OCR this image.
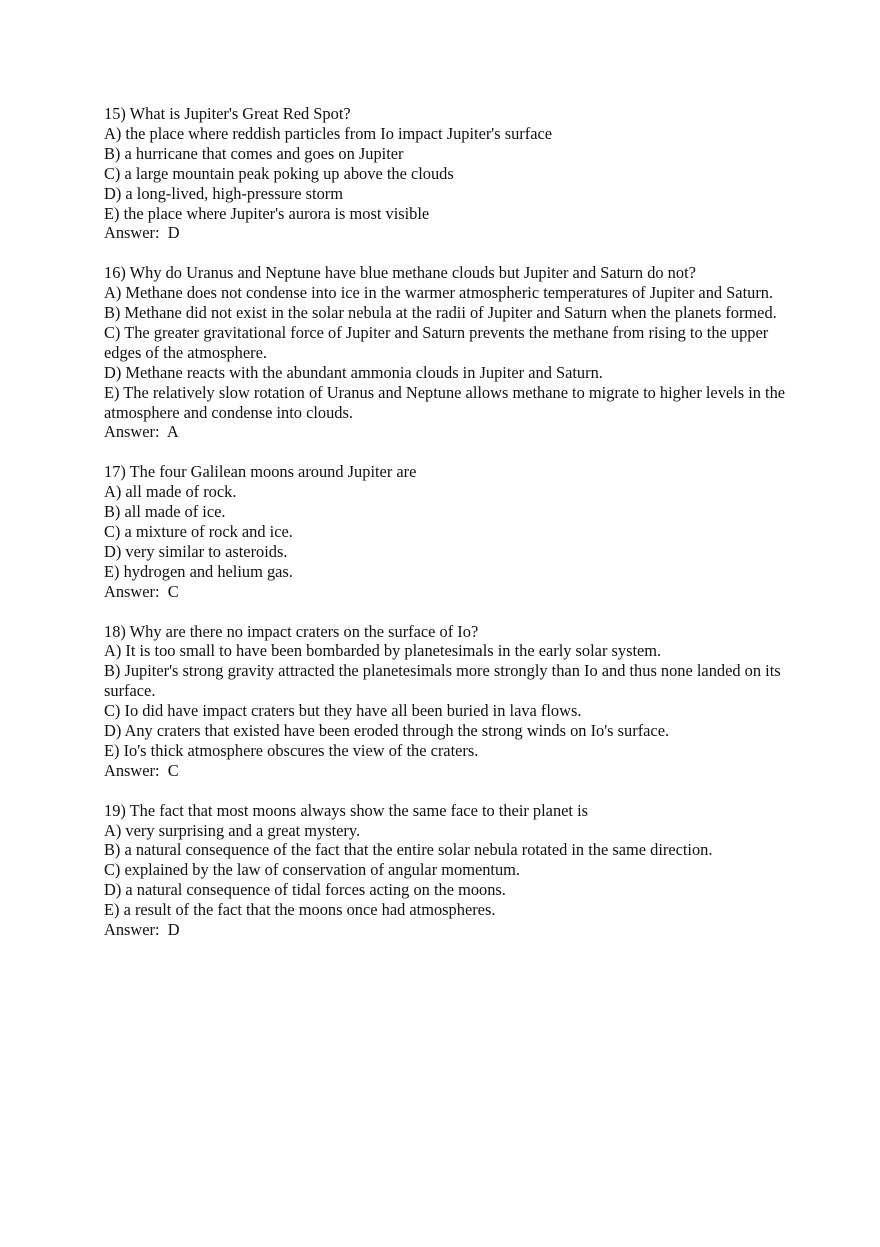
15) What is Jupiter's Great Red Spot?
A) the place where reddish particles from Io impact Jupiter's surface
B) a hurricane that comes and goes on Jupiter
C) a large mountain peak poking up above the clouds
D) a long-lived, high-pressure storm
E) the place where Jupiter's aurora is most visible
Answer:  D
16) Why do Uranus and Neptune have blue methane clouds but Jupiter and Saturn do not?
A) Methane does not condense into ice in the warmer atmospheric temperatures of Jupiter and Saturn.
B) Methane did not exist in the solar nebula at the radii of Jupiter and Saturn when the planets formed.
C) The greater gravitational force of Jupiter and Saturn prevents the methane from rising to the upper edges of the atmosphere.
D) Methane reacts with the abundant ammonia clouds in Jupiter and Saturn.
E) The relatively slow rotation of Uranus and Neptune allows methane to migrate to higher levels in the atmosphere and condense into clouds.
Answer:  A
17) The four Galilean moons around Jupiter are
A) all made of rock.
B) all made of ice.
C) a mixture of rock and ice.
D) very similar to asteroids.
E) hydrogen and helium gas.
Answer:  C
18) Why are there no impact craters on the surface of Io?
A) It is too small to have been bombarded by planetesimals in the early solar system.
B) Jupiter's strong gravity attracted the planetesimals more strongly than Io and thus none landed on its surface.
C) Io did have impact craters but they have all been buried in lava flows.
D) Any craters that existed have been eroded through the strong winds on Io's surface.
E) Io's thick atmosphere obscures the view of the craters.
Answer:  C
19) The fact that most moons always show the same face to their planet is
A) very surprising and a great mystery.
B) a natural consequence of the fact that the entire solar nebula rotated in the same direction.
C) explained by the law of conservation of angular momentum.
D) a natural consequence of tidal forces acting on the moons.
E) a result of the fact that the moons once had atmospheres.
Answer:  D
